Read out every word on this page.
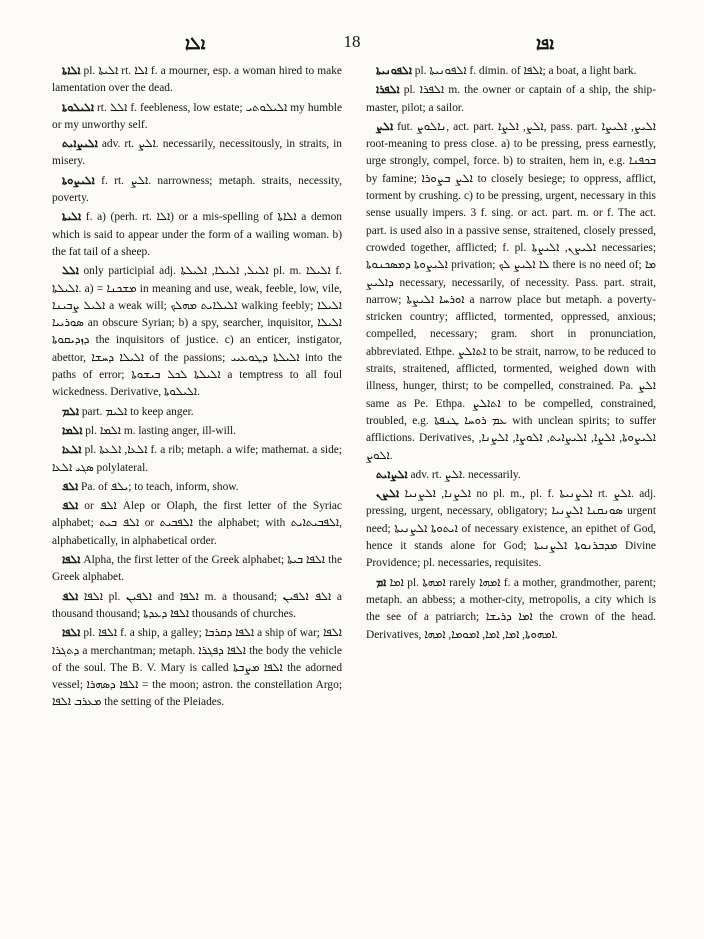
ܐܠܐ	18	ܐܦܐ

ܐܠܐܬܐ pl. ܐܠܝܬܐ rt. ܐܠܐ f. a mourner, esp. a woman hired to make lamentation over the dead.

ܐܠܝܠܘܬܐ rt. ܐܠܠ f. feebleness, low estate; ܐܠܝܠܘܬܝ my humble or my unworthy self.

ܐܠܝܨܐܝܬ adv. rt. ܐܠܨ. necessarily, necessitously, in straits, in misery.

ܐܠܝܨܘܬܐ f. rt. ܐܠܨ. narrowness; metaph. straits, necessity, poverty.

ܐܠܝܬܐ f. a) (perh. rt. ܐܠܐ) or a mis-spelling of ܐܠܐܬܐ a demon which is said to appear under the form of a wailing woman. b) the fat tail of a sheep.

ܐܠܠ only participial adj. ܐܠܝܠ, ܐܠܝܠܐ, ܐܠܝܠܬܐ pl. m. ܐܠܝܠܐ f. ܐܠܝܠܬܐ. a) = ܡܫܟܢܐ in meaning and use, weak, feeble, low, vile, ܐܠܝܠ ܨܒܝܢܐ a weak will; ܐܠܝܠܐܝܬ ܡܗܠܟ walking feebly; ܐܠܝܠܐ ܣܘܪܝܝܐ an obscure Syrian; b) a spy, searcher, inquisitor, ܐܠܝܠܐ ܕܙܕܝܩܘܬܐ the inquisitors of justice. c) an enticer, instigator, abettor, ܐܠܝܠܐ ܕܚܫܐ of the passions; ܐܠܝܠܬܐ ܕܛܘܥܝܝ into the paths of error; ܐܠܝܠܬܐ ܠܟܠ ܒܝܫܘܬܐ a temptress to all foul wickedness. Derivative, ܐܠܝܠܘܬܐ.

ܐܠܡ part. ܐܠܝܡ to keep anger.

ܐܠܡܐ pl. ܐܠܡܐ m. lasting anger, ill-will.

ܐܠܥܐ pl. ܐܠܥܐ, ܐܠܥܬܐ f. a rib; metaph. a wife; mathemat. a side; ܣܓܝ ܐܠܥܐ polylateral.

ܐܠܦ Pa. of ܝܠܦ; to teach, inform, show.

ܐܠܦ or ܐܠܦ Alep or Olaph, the first letter of the Syriac alphabet; ܐܠܦ ܒܝܬ or ܐܠܦܒܝܬ the alphabet; with ܐܠܦܒܝܬܐܝܬ, alphabetically, in alphabetical order.

ܐܠܦܐ Alpha, the first letter of the Greek alphabet; ܐܠܦܐ ܒܝܬܐ the Greek alphabet.

ܐܠܦ ܐܠܦܐ pl. ܐܠܦܝܢ and ܐܠܦܐ m. a thousand; ܐܠܦ ܐܠܦܝܢ a thousand thousand; ܐܠܦܐ ܕܥܕܬܐ thousands of churches.

ܐܠܦܐ pl. ܐܠܦܐ f. a ship, a galley; ܐܠܦܐ ܕܩܪܒܐ a ship of war; ܐܠܦܐ ܕܬܓܪܐ a merchantman; metaph. ܐܠܦܐ ܕܦܓܪܐ the body the vehicle of the soul. The B. V. Mary is called ܐܠܦܐ ܡܨܒܬܐ the adorned vessel; ܐܠܦܐ ܕܣܗܪܐ = the moon; astron. the constellation Argo; ܡܥܪܒ ܐܠܦܐ the setting of the Pleiades.

ܐܠܦܘܢܝܬܐ pl. ܐܠܦܘܢܝܬܐ f. dimin. of ܐܠܦܐ; a boat, a light bark.

ܐܠܦܪܐ pl. ܐܠܦܪܐ m. the owner or captain of a ship, the ship-master, pilot; a sailor.

ܐܠܨ fut. ܢܐܠܘܨ, act. part. ܐܠܨ, ܐܠܨܐ, pass. part. ܐܠܝܨ, ܐܠܝܨܐ root-meaning to press close. a) to be pressing, press earnestly, urge strongly, compel, force. b) to straiten, hem in, e.g. ܒܟܦܢܐ by famine; ܐܠܨ ܒܨܘܪܐ to closely besiege; to oppress, afflict, torment by crushing. c) to be pressing, urgent, necessary in this sense usually impers. 3 f. sing. or act. part. m. or f. The act. part. is used also in a passive sense, straitened, closely pressed, crowded together, afflicted; f. pl. ܐܠܝܨܢ, ܐܠܝܨܬܐ necessaries; ܐܠܝܨܘܬܐ ܕܡܣܟܢܘܬܐ privation; ܠܐ ܐܠܝܨ ܠܟ there is no need of; ܡܐ ܕܐܠܝܨ necessary, necessarily, of necessity. Pass. part. strait, narrow; ܐܘܪܚܐ ܐܠܝܨܬܐ a narrow place but metaph. a poverty-stricken country; afflicted, tormented, oppressed, anxious; compelled, necessary; gram. short in pronunciation, abbreviated. Ethpe. ܐܬܐܠܨ to be strait, narrow, to be reduced to straits, straitened, afflicted, tormented, weighed down with illness, hunger, thirst; to be compelled, constrained. Pa. ܐܠܨ same as Pe. Ethpa. ܐܬܐܠܨ to be compelled, constrained, troubled, e.g. ܥܡ ܪܘܚܐ ܛܢܦܬܐ with unclean spirits; to suffer afflictions. Derivatives, ܐܠܝܨܘܬܐ, ܐܠܨܐ, ܐܠܝܨܐܝܬ, ܐܠܘܨܐ, ܐܠܨܢܐ, ܐܠܘܨ.

ܐܠܨܐܝܬ adv. rt. ܐܠܨ. necessarily.

ܐܠܨܢ ܐܠܨܢܐ, ܐܠܨܢܝܐ no pl. m., pl. f. ܐܠܨܢܝܬܐ rt. ܐܠܨ. adj. pressing, urgent, necessary, obligatory; ܣܘܢܩܢܐ ܐܠܨܢܝܐ urgent need; ܐܝܬܘܬܐ ܐܠܨܢܝܬܐ of necessary existence, an epithet of God, hence it stands alone for God; ܡܕܒܪܢܘܬܐ ܐܠܨܢܝܬܐ Divine Providence; pl. necessaries, requisites.

ܐܡ ܐܡܐ pl. ܐܡܗܬܐ rarely ܐܡܗܐ f. a mother, grandmother, parent; metaph. an abbess; a mother-city, metropolis, a city which is the see of a patriarch; ܐܡܐ ܕܪܝܫܐ the crown of the head. Derivatives, ܐܡܗܘܬܐ, ܐܡܐ, ܐܡܐ, ܐܡܘܡܐ, ܐܡܗܐ.
